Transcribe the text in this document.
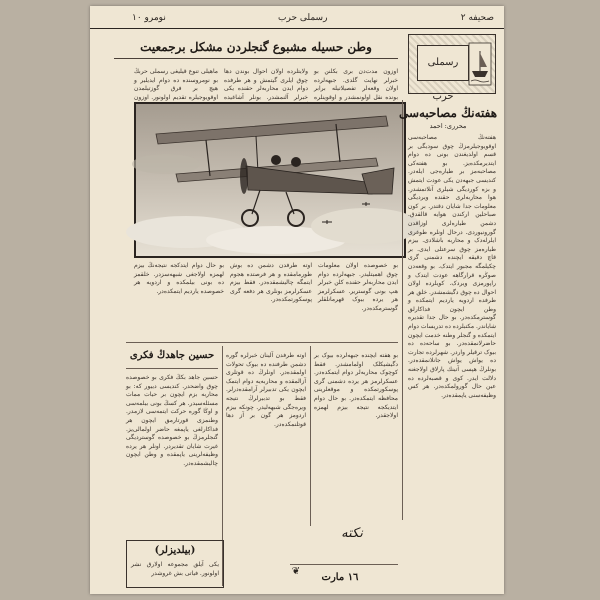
نومرو ١٠	رسملی حرب	صحیفه ٢
رسملی حرب
وطن حسیله مشبوع گنجلردن مشکل برجمعیت
ماهیلی تنوع قیلیغی رسملی حربڭ بو نومروسنده ده دوام ایدیلیر و هیچ بر فرق گوزتیلمدن اوقویوجیلره تقدیم اولونور. اوزون
ولایتلرده اولان احوال بوندن دها چوق ایلری گیتمش و هر طرفده دوام ایدن محاربه‌لر حقنده یکی خبرلر آلنمشدر. بونلر آشاغیده
اوزون مدت‌دن بری بکلنن بو خبرلر نهایت گلدی. جبهه‌لرده اولان وقعه‌لر تفصیلاتیله برابر بونده نقل اولونمشدر و اوقوینلره
هفته‌نڭ مصاحبه‌سی
محرری: احمد
هفته‌نڭ مصاحبه‌سی اوقویوجیلرمزڭ چوق سودیگی بر قسم اولدیغندن بونی ده دوام ایتدیرمکده‌یز. بو هفته‌کی مصاحبه‌مز بر طیاره‌جی ایله‌در. کندیسی جبهه‌دن یکی عودت ایتمش و بزه کوردیگی شیلری آنلاتمشدر. هوا محاربه‌لری حقنده ویردیگی معلومات جدا شایان دقتدر. بر کون صباحلین ارکندن هوایه قالقدق. دشمن طیاره‌لری اوزاقدن گورونیوردی. درحال اونلره طوغری ایلرله‌دک و محاربه باشلادی. بیزم طیاره‌مز چوق سرعتلی ایدی. بر قاچ دقیقه ایچنده دشمنی گری چکیلمگه مجبور ایتدک. بو وقعه‌دن صوڭره قرارگاهه عودت ایتدک و راپورمزی ویردک. کویلرده اولان احوال ده چوق دگیشمشدر. خلق هر طرفده اردویه یاردیم ایتمکده و وطن ایچون فداکارلق گوسترمکده‌در. بو حال جدا تقدیره شایاندر. مکتبلرده ده تدریسات دوام ایتمکده و گنجلر وطنه خدمت ایچون حاضرلانمقده‌در. بو ساحه‌ده ده بیوک ترقیلر واردر. شهرلرده تجارت ده یواش یواش جانلانمقده‌در. بونلرڭ هپسی آتینك پارلاق اولاجغنه دلالت ایدر. کوی و قصبه‌لرده ده عین حال گورولمکده‌در. هر کس وظیفه‌سنی یاپمقده‌در.
بو خصوصده اولان معلومات چوق اهمیتلیدر. جبهه‌لرده دوام ایدن محاربه‌لر حقنده کلن خبرلر هپ بونی گوستریر. عسکرلرمز هر یرده بیوک قهرمانلقلر گوسترمکده‌در.
اوته طرفدن دشمن ده بوش طورمامقده و هر فرصتده هجوم ایتمگه چالیشمقده‌در. فقط بیزم عسکرلرمز بونلری هر دفعه گری پوسکورتمکده‌در.
بو حال دوام ایتدکجه نتیجه‌نڭ بیزم لهمزه اولاجغی شبهه‌سزدر. خلقمز ده بونی بیلمکده و اردویه هر خصوصده یاردیم ایتمکده‌در.
حسین جاهدڭ فکری
حسین جاهد بکڭ فکری بو خصوصده چوق واضحدر. کندیسی دییور که: بو محاربه بزم ایچون بر حیات ممات مسئله‌سیدر. هر کسڭ بونی بیلمه‌سی و اوڭا گوره حرکت ایتمه‌سی لازمدر. وطنمزی قورتارمق ایچون هر فداکارلغی یاپمغه حاضر اولمالی‌یز. گنجلرمزڭ بو خصوصده گوستردیگی غیرت شایان تقدیردر. اونلر هر یرده وظیفه‌لرینی یاپمقده و وطن ایچون چالیشمقده‌در.
اوته طرفدن آلینان خبرلره گوره دشمن طرفنده ده بیوک تحولات اولمقده‌در. اونلرڭ ده قوتلری آزالمقده و محاربه‌یه دوام ایتمک ایچون یکی تدبیرلر آرامقده‌درلر. فقط بو تدبیرلرڭ نتیجه ویره‌جگی شبهه‌لیدر. چونکه بیزم اردومز هر گون بر آز دها قوتلنمکده‌در.
بو هفته ایچنده جبهه‌لرده بیوک بر دگیشیکلک اولمامشدر. فقط کوچوک محاربه‌لر دوام ایتمکده‌در. عسکرلرمز هر یرده دشمنی گری پوسکورتمکده و موقعلرینی محافظه ایتمکده‌در. بو حال دوام ایتدیکجه نتیجه بیزم لهمزه اولاجقدر.
نکته
١٦ مارت
❦
(بیلدیزلر)
یکی آیلق مجموعه اولارق نشر اولونور. فیاتی بش غروشدر
